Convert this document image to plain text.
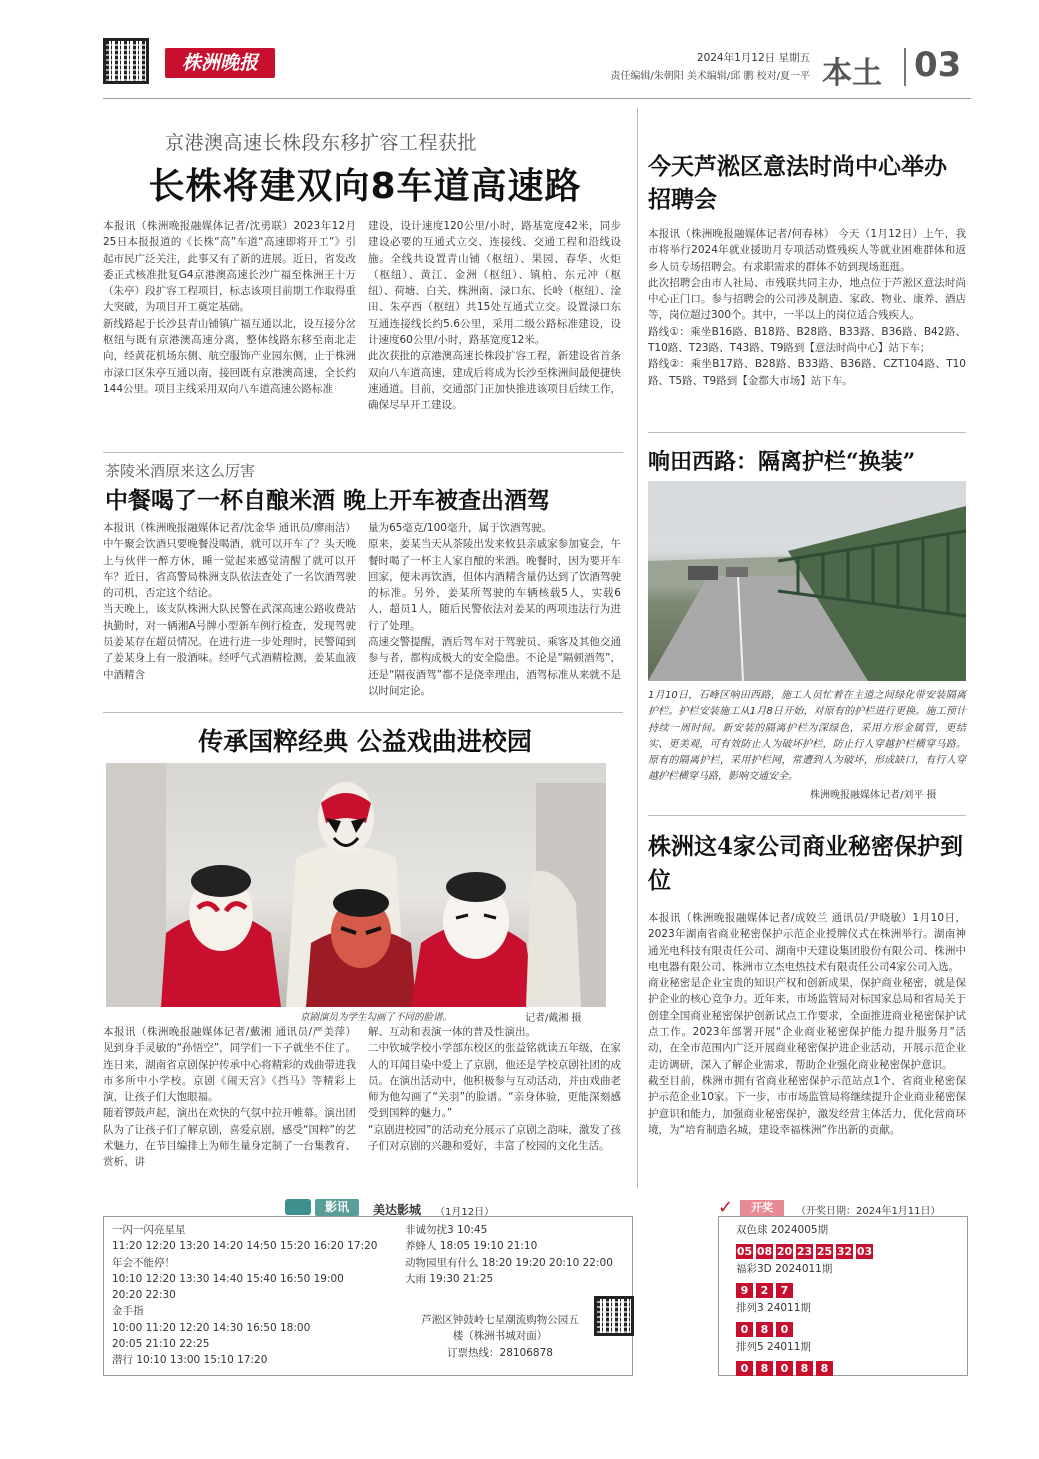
株洲晚报	2024年1月12日 星期五
责任编辑/朱朝阳 美术编辑/邱 鹏 校对/夏一平 本土 03
京港澳高速长株段东移扩容工程获批
长株将建双向8车道高速路
本报讯（株洲晚报融媒体记者/沈勇联）2023年12月25日本报报道的《长株“高”车道“高速即将开工”》引起市民广泛关注，此事又有了新的进展。近日，省发改委正式核准批复G4京港澳高速长沙广福至株洲王十万（朱亭）段扩容工程项目，标志该项目前期工作取得重大突破，为项目开工奠定基础。
新线路起于长沙县青山铺镇广福互通以北，设互接分岔枢纽与既有京港澳高速分离，整体线路东移至南北走向，经黄花机场东侧、航空服饰产业园东侧，止于株洲市渌口区朱亭互通以南，接回既有京港澳高速，全长约144公里。项目主线采用双向八车道高速公路标准
建设，设计速度120公里/小时，路基宽度42米，同步建设必要的互通式立交、连接线、交通工程和沿线设施。全线共设置青山铺（枢纽）、果园、春华、火炬（枢纽）、黄江、金洲（枢纽）、镇柏、东元冲（枢纽）、荷塘、白关、株洲南、渌口东、长岭（枢纽）、淦田、朱亭西（枢纽）共15处互通式立交。设置渌口东互通连接线长约5.6公里，采用二级公路标准建设，设计速度60公里/小时，路基宽度12米。
此次获批的京港澳高速长株段扩容工程，新建设省首条双向八车道高速，建成后将成为长沙至株洲间最便捷快速通道。目前，交通部门正加快推进该项目后续工作，确保尽早开工建设。
茶陵米酒原来这么厉害
中餐喝了一杯自酿米酒 晚上开车被查出酒驾
本报讯（株洲晚报融媒体记者/沈金华 通讯员/廖雨洁） 中午聚会饮酒只要晚餐没喝酒，就可以开车了？头天晚上与伙伴一醉方休，睡一觉起来感觉清醒了就可以开车？近日，省高警局株洲支队依法查处了一名饮酒驾驶的司机，否定这个结论。
当天晚上，该支队株洲大队民警在武深高速公路收费站执勤时，对一辆湘A号牌小型新车例行检查，发现驾驶员姜某存在超员情况。在进行进一步处理时，民警闻到了姜某身上有一股酒味。经呼气式酒精检测，姜某血液中酒精含
量为65毫克/100毫升，属于饮酒驾驶。
原来，姜某当天从茶陵出发来攸县亲戚家参加宴会，午餐时喝了一杯主人家自酿的米酒。晚餐时，因为要开车回家，便未再饮酒，但体内酒精含量仍达到了饮酒驾驶的标准。另外，姜某所驾驶的车辆核载5人，实载6人，超员1人，随后民警依法对姜某的两项违法行为进行了处理。
高速交警提醒，酒后驾车对于驾驶员、乘客及其他交通参与者，都构成极大的安全隐患。不论是“隔顿酒驾”，还是“隔夜酒驾”都不是侥幸理由，酒驾标准从来就不是以时间定论。
传承国粹经典 公益戏曲进校园
京剧演员为学生勾画了不同的脸谱。	记者/戴湘 摄
本报讯（株洲晚报融媒体记者/戴湘 通讯员/严美萍） 见到身手灵敏的“孙悟空”，同学们一下子就坐不住了。连日来，湖南省京剧保护传承中心将精彩的戏曲带进我市多所中小学校。京剧《闹天宫》《挡马》等精彩上演，让孩子们大饱眼福。
随着锣鼓声起，演出在欢快的气氛中拉开帷幕。演出团队为了让孩子们了解京剧，喜爱京剧，感受“国粹”的艺术魅力，在节目编排上为师生量身定制了一台集教育、赏析、讲
解、互动和表演一体的普及性演出。
二中钦城学校小学部东校区的张益铭就读五年级，在家人的耳闻目染中爱上了京剧，他还是学校京剧社团的成员。在演出活动中，他积极参与互动活动，并由戏曲老师为他勾画了“关羽”的脸谱。“亲身体验，更能深刻感受到国粹的魅力。”
“京剧进校园”的活动充分展示了京剧之韵味，激发了孩子们对京剧的兴趣和爱好，丰富了校园的文化生活。
今天芦淞区意法时尚中心举办招聘会
本报讯（株洲晚报融媒体记者/何春林） 今天（1月12日）上午，我市将举行2024年就业援助月专项活动暨残疾人等就业困难群体和返乡人员专场招聘会。有求职需求的群体不妨到现场逛逛。
此次招聘会由市人社局、市残联共同主办，地点位于芦淞区意法时尚中心正门口。参与招聘会的公司涉及制造、家政、物业、康养、酒店等，岗位超过300个。其中，一半以上的岗位适合残疾人。
路线①：乘坐B16路、B18路、B28路、B33路、B36路、B42路、T10路、T23路、T43路、T9路到【意法时尚中心】站下车；
路线②：乘坐B17路、B28路、B33路、B36路、CZT104路、T10路、T5路、T9路到【金都大市场】站下车。
响田西路：隔离护栏“换装”
1月10日，石峰区响田西路，施工人员忙着在主道之间绿化带安装隔离护栏。护栏安装施工从1月8日开始，对原有的护栏进行更换。施工预计持续一周时间。新安装的隔离护栏为深绿色，采用方形金属管，更结实、更美观，可有效防止人为破坏护栏，防止行人穿越护栏横穿马路。原有的隔离护栏，采用护栏网，常遭到人为破坏，形成缺口，有行人穿越护栏横穿马路，影响交通安全。
株洲晚报融媒体记者/刘平 摄
株洲这4家公司商业秘密保护到位
本报讯（株洲晚报融媒体记者/成姣兰 通讯员/尹晓敏）1月10日，2023年湖南省商业秘密保护示范企业授牌仪式在株洲举行。湖南神通光电科技有限责任公司、湖南中天建设集团股份有限公司、株洲中电电器有限公司、株洲市立杰电热技术有限责任公司4家公司入选。
商业秘密是企业宝贵的知识产权和创新成果，保护商业秘密，就是保护企业的核心竞争力。近年来，市场监管局对标国家总局和省局关于创建全国商业秘密保护创新试点工作要求，全面推进商业秘密保护试点工作。2023年部署开展“企业商业秘密保护能力提升服务月”活动，在全市范围内广泛开展商业秘密保护进企业活动，开展示范企业走访调研，深入了解企业需求，帮助企业强化商业秘密保护意识。
截至目前，株洲市拥有省商业秘密保护示范站点1个、省商业秘密保护示范企业10家。下一步，市市场监管局将继续提升企业商业秘密保护意识和能力，加强商业秘密保护，激发经营主体活力，优化营商环境，为“培育制造名城，建设幸福株洲”作出新的贡献。
影讯	美达影城 （1月12日）
一闪一闪亮星星
11:20 12:20 13:20 14:20 14:50 15:20 16:20 17:20
年会不能停！
10:10 12:20 13:30 14:40 15:40 16:50 19:00
20:20 22:30
金手指
10:00 11:20 12:20 14:30 16:50 18:00
20:05 21:10 22:25
潜行 10:10 13:00 15:10 17:20
非诚勿扰3 10:45
养蜂人 18:05 19:10 21:10
动物园里有什么 18:20 19:20 20:10 22:00
大雨 19:30 21:25
芦淞区钟鼓岭七星潮流购物公园五楼（株洲书城对面）
订票热线：28106878
✓	开奖	（开奖日期：2024年1月11日）
双色球 2024005期
05 08 20 23 25 32 03
福彩3D 2024011期
9 2 7
排列3 24011期
0 8 0
排列5 24011期
0 8 0 8 8
